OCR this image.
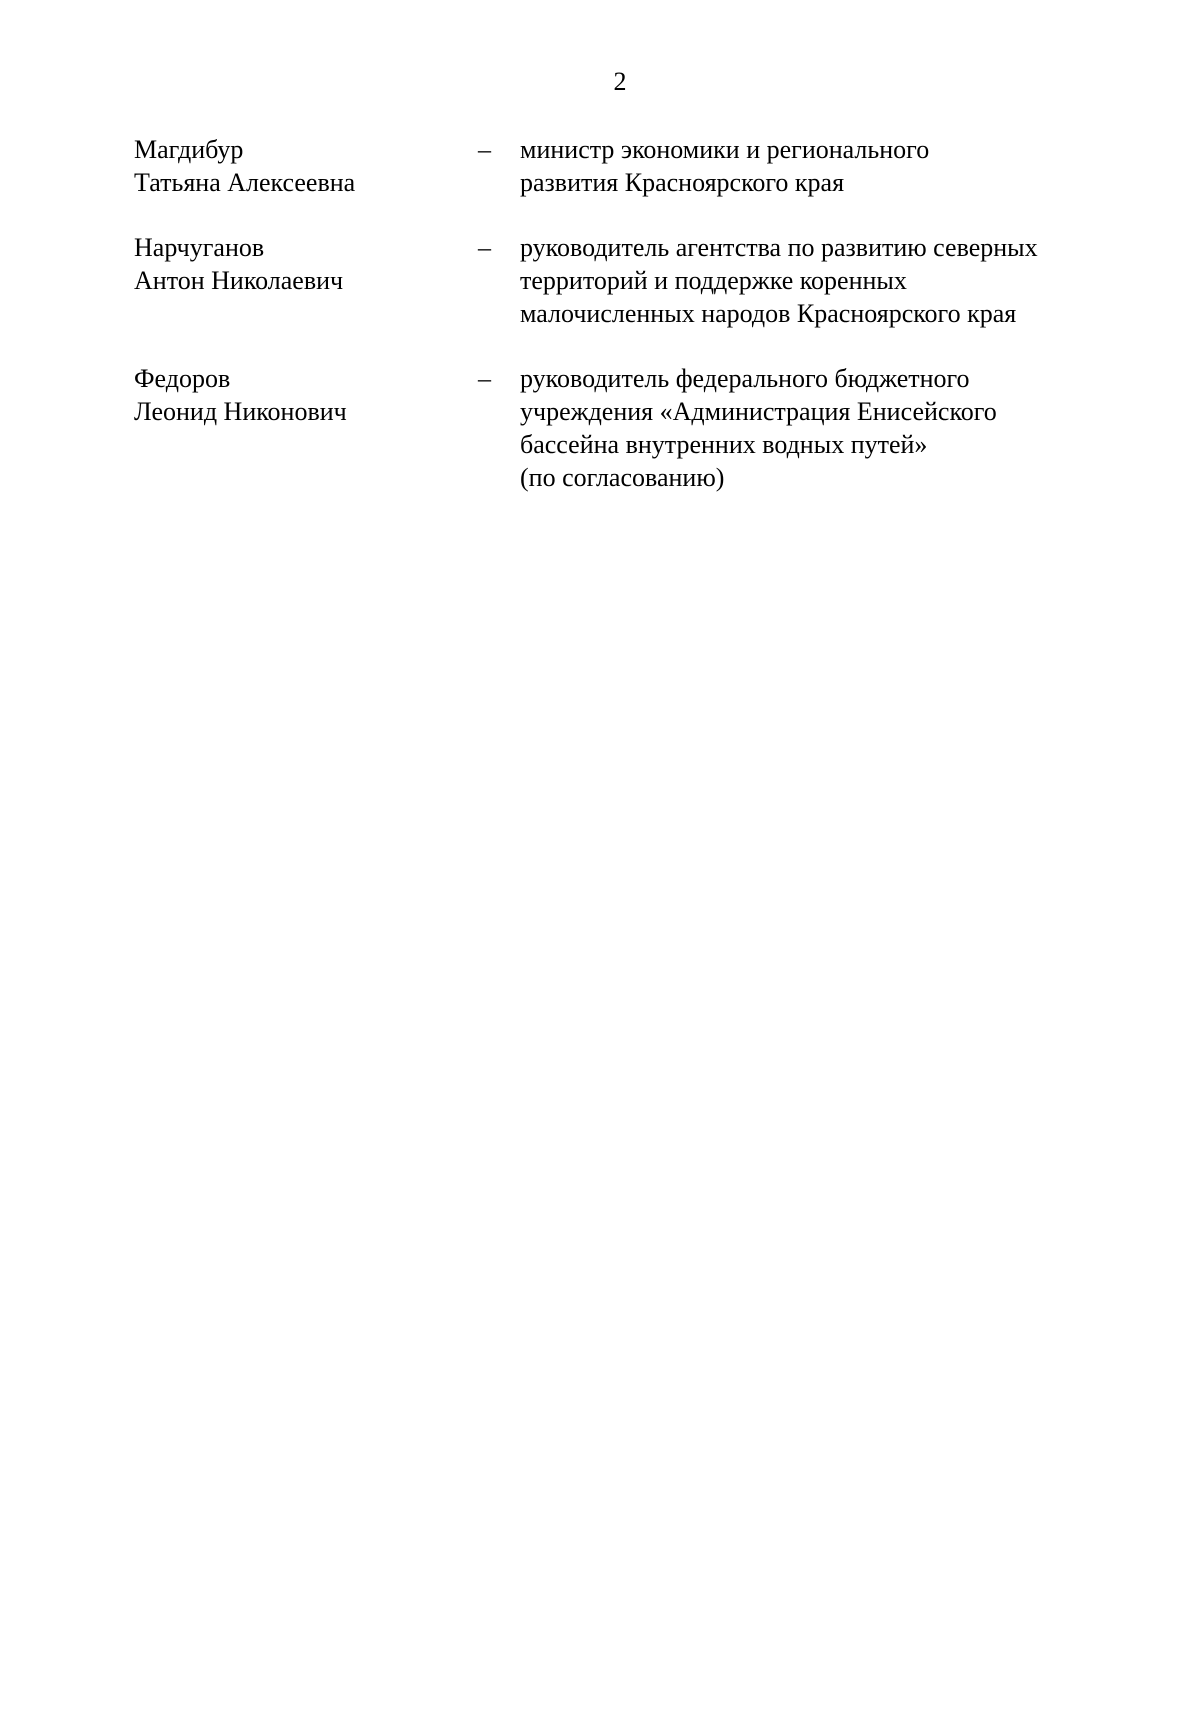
2
Магдибур
Татьяна Алексеевна
– министр экономики и регионального
развития Красноярского края
Нарчуганов
Антон Николаевич
– руководитель агентства по развитию северных
территорий и поддержке коренных
малочисленных народов Красноярского края
Федоров
Леонид Никонович
– руководитель федерального бюджетного
учреждения «Администрация Енисейского
бассейна внутренних водных путей»
(по согласованию)
